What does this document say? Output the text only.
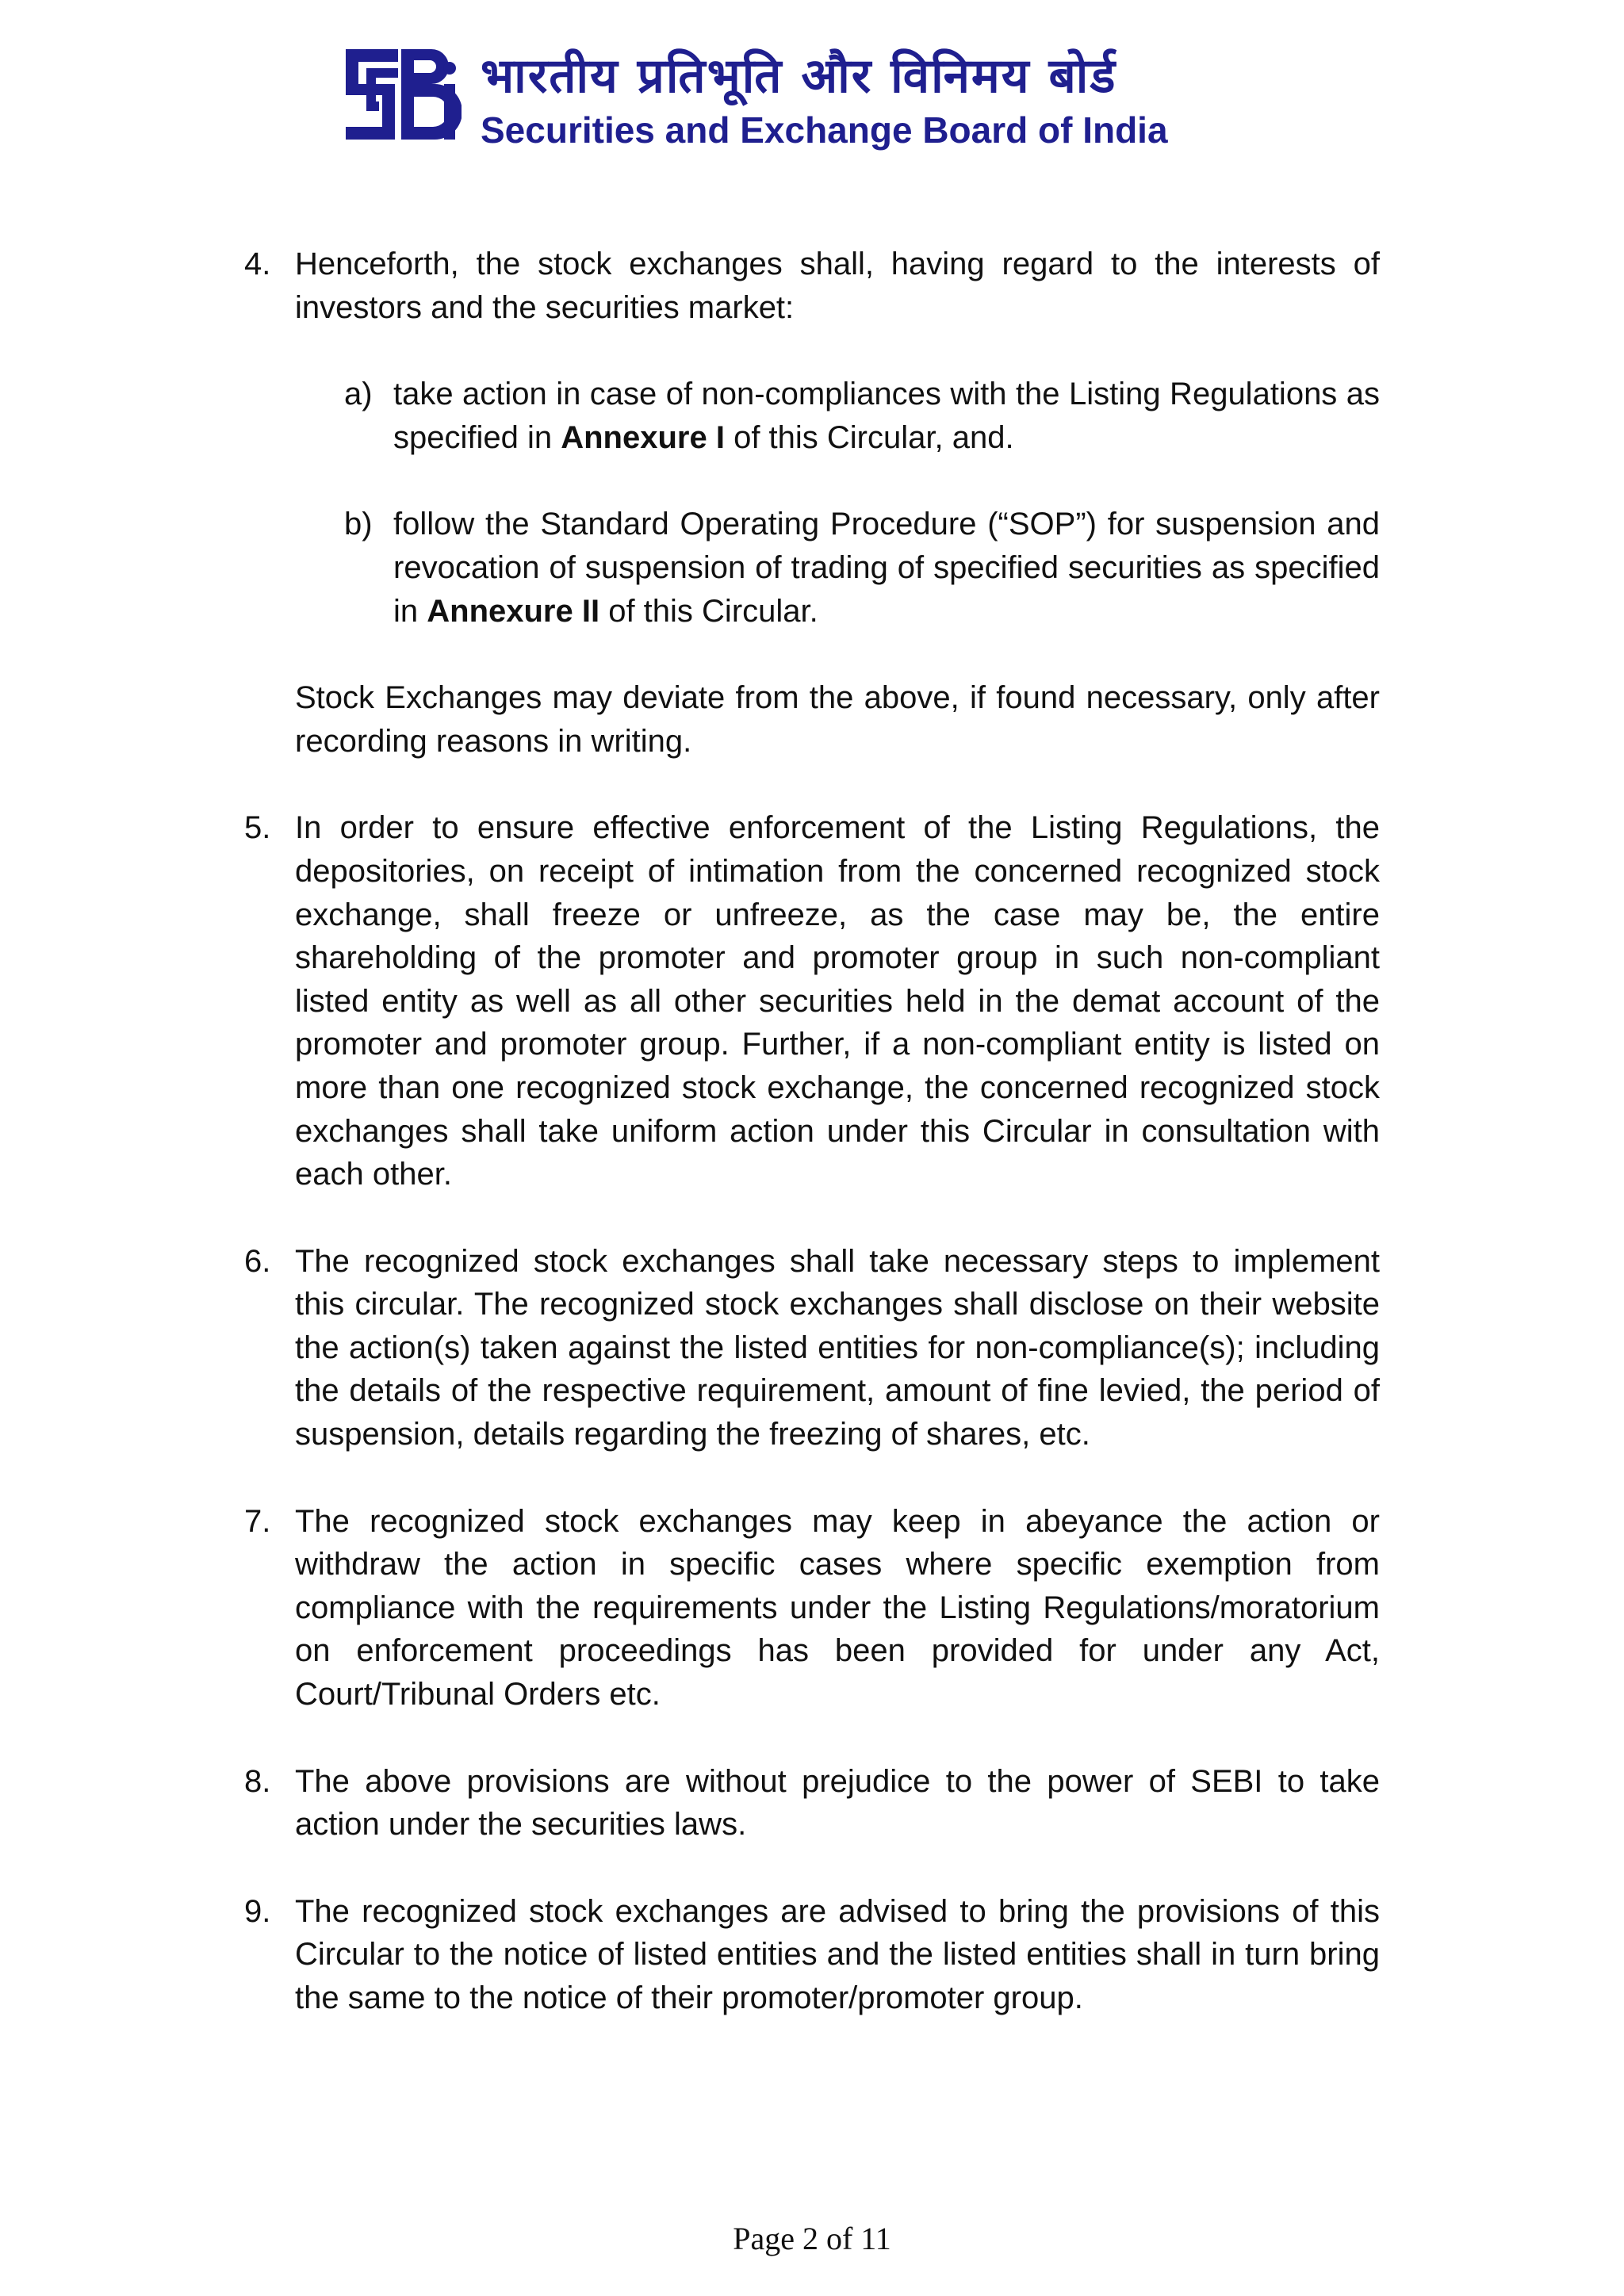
भारतीय प्रतिभूति और विनिमय बोर्ड
Securities and Exchange Board of India
4. Henceforth, the stock exchanges shall, having regard to the interests of investors and the securities market:

a) take action in case of non-compliances with the Listing Regulations as specified in Annexure I of this Circular, and.

b) follow the Standard Operating Procedure (“SOP”) for suspension and revocation of suspension of trading of specified securities as specified in Annexure II of this Circular.

Stock Exchanges may deviate from the above, if found necessary, only after recording reasons in writing.

5. In order to ensure effective enforcement of the Listing Regulations, the depositories, on receipt of intimation from the concerned recognized stock exchange, shall freeze or unfreeze, as the case may be, the entire shareholding of the promoter and promoter group in such non-compliant listed entity as well as all other securities held in the demat account of the promoter and promoter group. Further, if a non-compliant entity is listed on more than one recognized stock exchange, the concerned recognized stock exchanges shall take uniform action under this Circular in consultation with each other.

6. The recognized stock exchanges shall take necessary steps to implement this circular. The recognized stock exchanges shall disclose on their website the action(s) taken against the listed entities for non-compliance(s); including the details of the respective requirement, amount of fine levied, the period of suspension, details regarding the freezing of shares, etc.

7. The recognized stock exchanges may keep in abeyance the action or withdraw the action in specific cases where specific exemption from compliance with the requirements under the Listing Regulations/moratorium on enforcement proceedings has been provided for under any Act, Court/Tribunal Orders etc.

8. The above provisions are without prejudice to the power of SEBI to take action under the securities laws.

9. The recognized stock exchanges are advised to bring the provisions of this Circular to the notice of listed entities and the listed entities shall in turn bring the same to the notice of their promoter/promoter group.

Page 2 of 11
